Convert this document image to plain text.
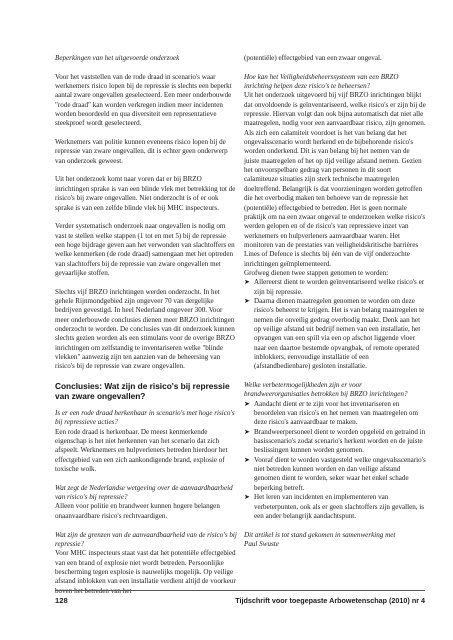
Beperkingen van het uitgevoerde onderzoek

Voor het vaststellen van de rode draad in scenario's waar werknemers risico lopen bij de repressie is slechts een beperkt aantal zware ongevallen geselecteerd. Een meer onderbouwde "rode draad" kan worden verkregen indien meer incidenten worden beoordeeld en qua diversiteit een representatieve steekproef wordt geselecteerd.

Werknemers van politie kunnen eveneens risico lopen bij de repressie van zware ongevallen, dit is echter geen onderwerp van onderzoek geweest.

Uit het onderzoek komt naar voren dat er bij BRZO inrichtingen sprake is van een blinde vlek met betrekking tot de risico's bij zware ongevallen. Niet onderzocht is of er ook sprake is van een zelfde blinde vlek bij MHC inspecteurs.

Verder systematisch onderzoek naar ongevallen is nodig om vast te stellen welke stappen (1 tot en met 5) bij de repressie een hoge bijdrage geven aan het verwonden van slachtoffers en welke kenmerken (de rode draad) samengaan met het optreden van slachtoffers bij de repressie van zware ongevallen met gevaarlijke stoffen.

Slechts vijf BRZO inrichtingen werden onderzocht. In het gehele Rijnmondgebied zijn ongeveer 70 van dergelijke bedrijven gevestigd. In heel Nederland ongeveer 300. Voor meer onderbouwde conclusies dienen meer BRZO inrichtingen onderzocht te worden. De conclusies van dit onderzoek kunnen slechts gezien worden als een stimulans voor de overige BRZO inrichtingen om zelfstandig te inventariseren welke "blinde vlekken" aanwezig zijn ten aanzien van de beheersing van risico's bij de repressie van zware ongevallen.

Conclusies: Wat zijn de risico's bij repressie van zware ongevallen?

Is er een rode draad herkenbaar in scenario's met hoge risico's bij repressieve acties?

Een rode draad is herkenbaar. De meest kenmerkende eigenschap is het niet herkennen van het scenario dat zich afspeelt. Werknemers en hulpverleners betreden hierdoor het effectgebied van een zich aankondigende brand, explosie of toxische wolk.

Wat zegt de Nederlandse wetgeving over de aanvaardbaarheid van risico's bij repressie?

Alleen voor politie en brandweer kunnen hogere belangen onaanvaardbare risico's rechtvaardigen.

Wat zijn de grenzen van de aanvaardbaarheid van de risico's bij repressie?

Voor MHC inspecteurs staat vast dat het potentiële effectgebied van een brand of explosie niet wordt betreden. Persoonlijke bescherming tegen explosie is nauwelijks mogelijk. Op veilige afstand inblokken van een installatie verdient altijd de voorkeur boven het betreden van het

(potentiële) effectgebied van een zwaar ongeval.

Hoe kan het Veiligheidsbeheerssysteem van een BRZO inrichting helpen deze risico's te beheersen?

Uit het onderzoek uitgevoerd bij vijf BRZO inrichtingen blijkt dat onvoldoende is geïnventariseerd, welke risico's er zijn bij de repressie. Hiervan volgt dan ook bijna automatisch dat niet alle maatregelen, nodig voor een aanvaardbaar risico, zijn genomen. Als zich een calamiteit voordoet is het van belang dat het ongevalsscenario wordt herkend en de bijbehorende risico's worden onderkend. Dit is van belang bij het nemen van de juiste maatregelen of het op tijd veilige afstand nemen. Gezien het onvoorspelbare gedrag van personen in dit soort calamiteuze situaties zijn sterk technische maatregelen doeltreffend. Belangrijk is dat voorzieningen worden getroffen die het overbodig maken ten behoeve van de repressie het (potentiële) effectgebied te betreden. Het is geen normale praktijk om na een zwaar ongeval te onderzoeken welke risico's werden gelopen en of de risico's van repressieve inzet van werknemers en hulpverleners aanvaardbaar waren. Het monitoren van de prestaties van veiligheidskritische barrières Lines of Defence is slechts bij één van de vijf onderzochte inrichtingen geïmplementeerd.

Grofweg dienen twee stappen genomen te worden:

➤ Allereerst dient te worden geïnventariseerd welke risico's er zijn bij repressie.
➤ Daarna dienen maatregelen genomen te worden om deze risico's beheerst te krijgen. Het is van belang maatregelen te nemen die onveilig gedrag overbodig maakt. Denk aan het op veilige afstand uit bedrijf nemen van een installatie, het opvangen van een spill via een op afschot liggende vloer naar een daartoe bestemde opvangbak, of remote operated inblokkers, eenvoudige installatie of een (afstandbedienbare) gesloten installatie.

Welke verbetermogelijkheden zijn er voor brandweerorganisaties betrokken bij BRZO inrichtingen?

➤ Aandacht dient er te zijn voor het inventariseren en beoordelen van risico's en het nemen van maatregelen om deze risico's aanvaardbaar te maken.
➤ Brandweerpersoneel dient te worden opgeleid en getraind in basisscenario's zodat scenario's herkent worden en de juiste beslissingen kunnen worden genomen.
➤ Vooraf dient te worden vastgesteld welke ongevalsscenario's niet betreden kunnen worden en dan veilige afstand genomen dient te worden, seker waar het enkel schade beperking betreft.
➤ Het leren van incidenten en implementeren van verbeterpunten, ook als er geen slachtoffers zijn gevallen, is een ander belangrijk aandachtspunt.
Dit artikel is tot stand gekomen in samenwerking met
Paul Swuste
128	Tijdschrift voor toegepaste Arbowetenschap (2010) nr 4
